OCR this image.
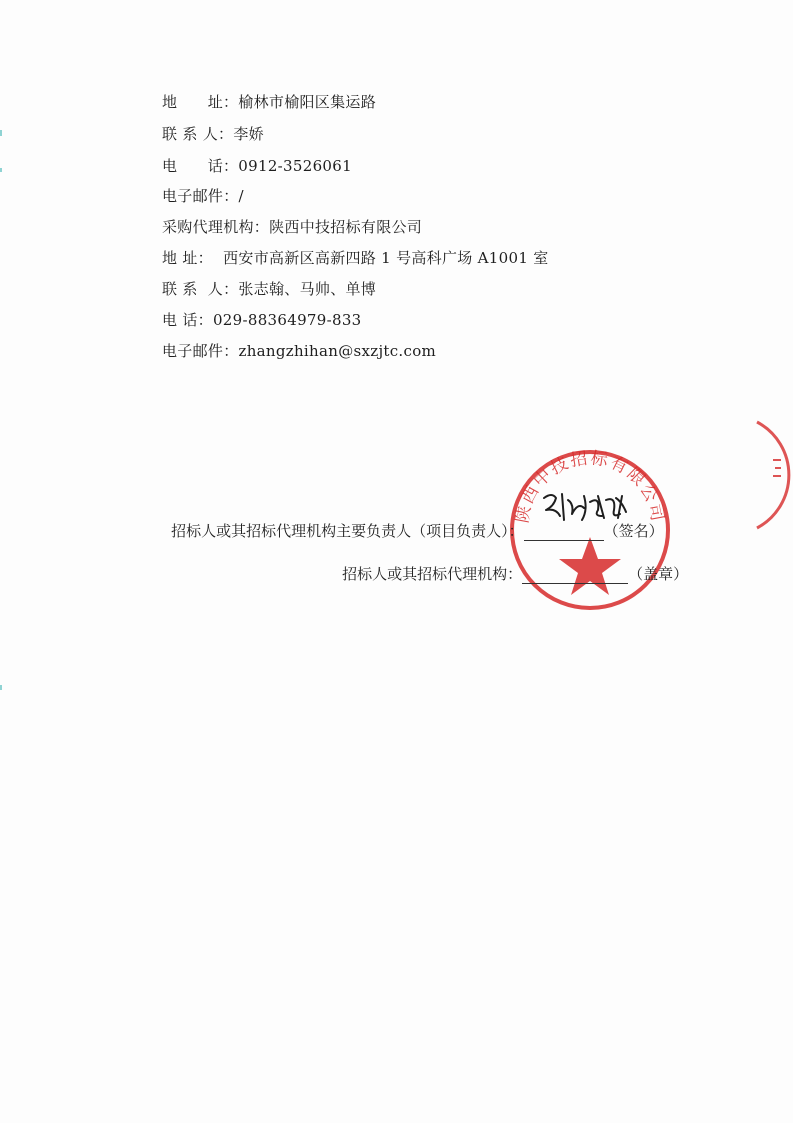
地      址：榆林市榆阳区集运路
联 系 人：李娇
电      话：0912-3526061
电子邮件：/
采购代理机构：陕西中技招标有限公司
地 址：  西安市高新区高新四路 1 号高科广场 A1001 室
联 系  人：张志翰、马帅、单博
电 话：029-88364979-833
电子邮件：zhangzhihan@sxzjtc.com
陕西中技招标有限公司

招标人或其招标代理机构主要负责人（项目负责人）：	（签名）

招标人或其招标代理机构：	（盖章）
